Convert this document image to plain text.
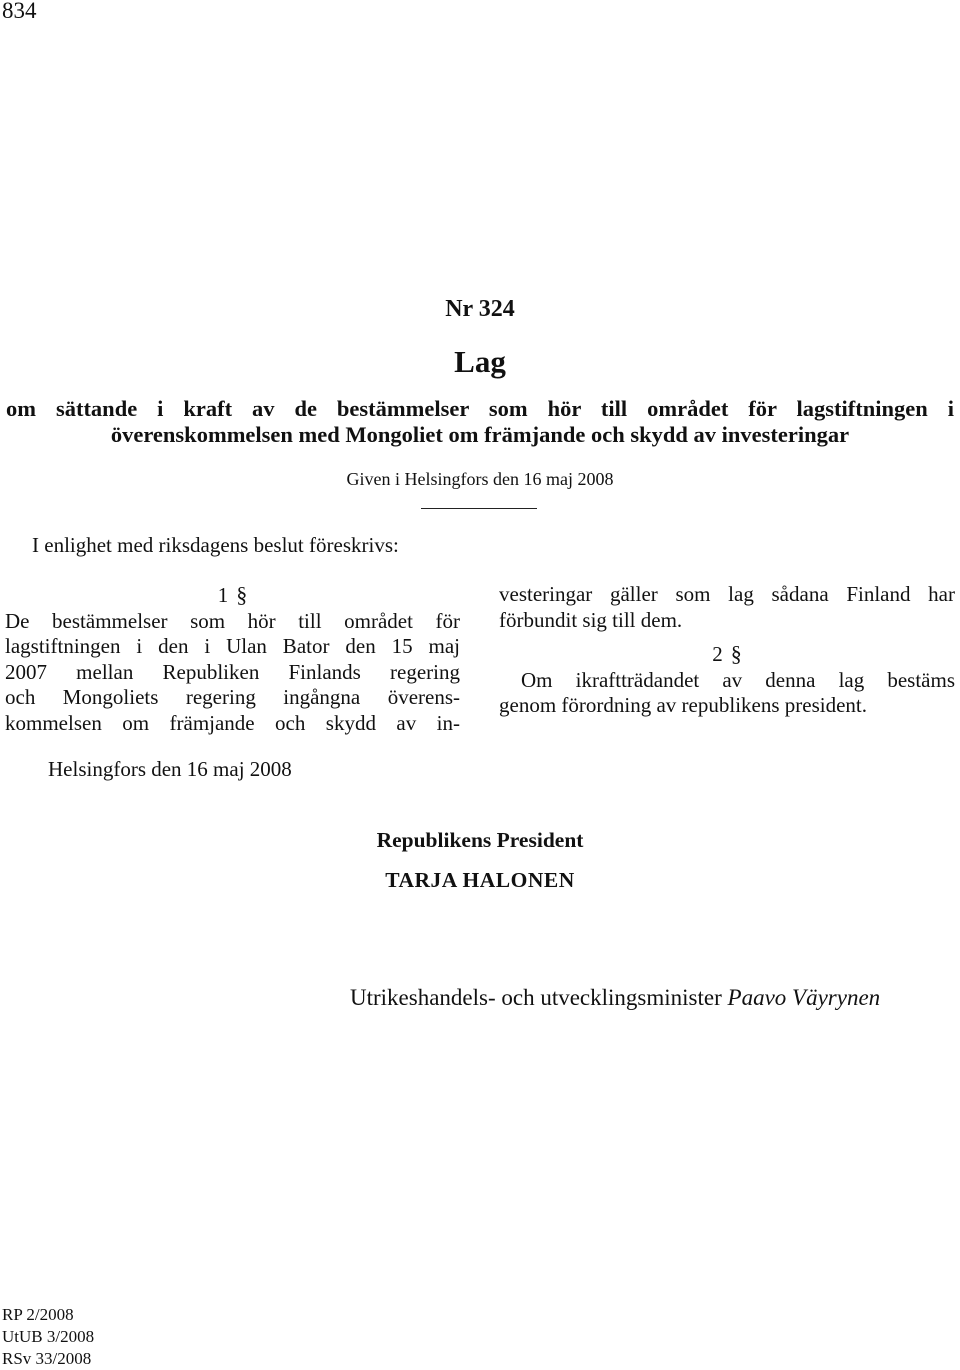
834
Nr 324
Lag
om sättande i kraft av de bestämmelser som hör till området för lagstiftningen i
överenskommelsen med Mongoliet om främjande och skydd av investeringar
Given i Helsingfors den 16 maj 2008
I enlighet med riksdagens beslut föreskrivs:
1 §
De bestämmelser som hör till området för
lagstiftningen i den i Ulan Bator den 15 maj
2007 mellan Republiken Finlands regering
och Mongoliets regering ingångna överens-
kommelsen om främjande och skydd av in-
vesteringar gäller som lag sådana Finland har
förbundit sig till dem.
2 §
Om ikraftträdandet av denna lag bestäms
genom förordning av republikens president.
Helsingfors den 16 maj 2008
Republikens President
TARJA HALONEN
Utrikeshandels- och utvecklingsminister Paavo Väyrynen
RP 2/2008
UtUB 3/2008
RSv 33/2008
